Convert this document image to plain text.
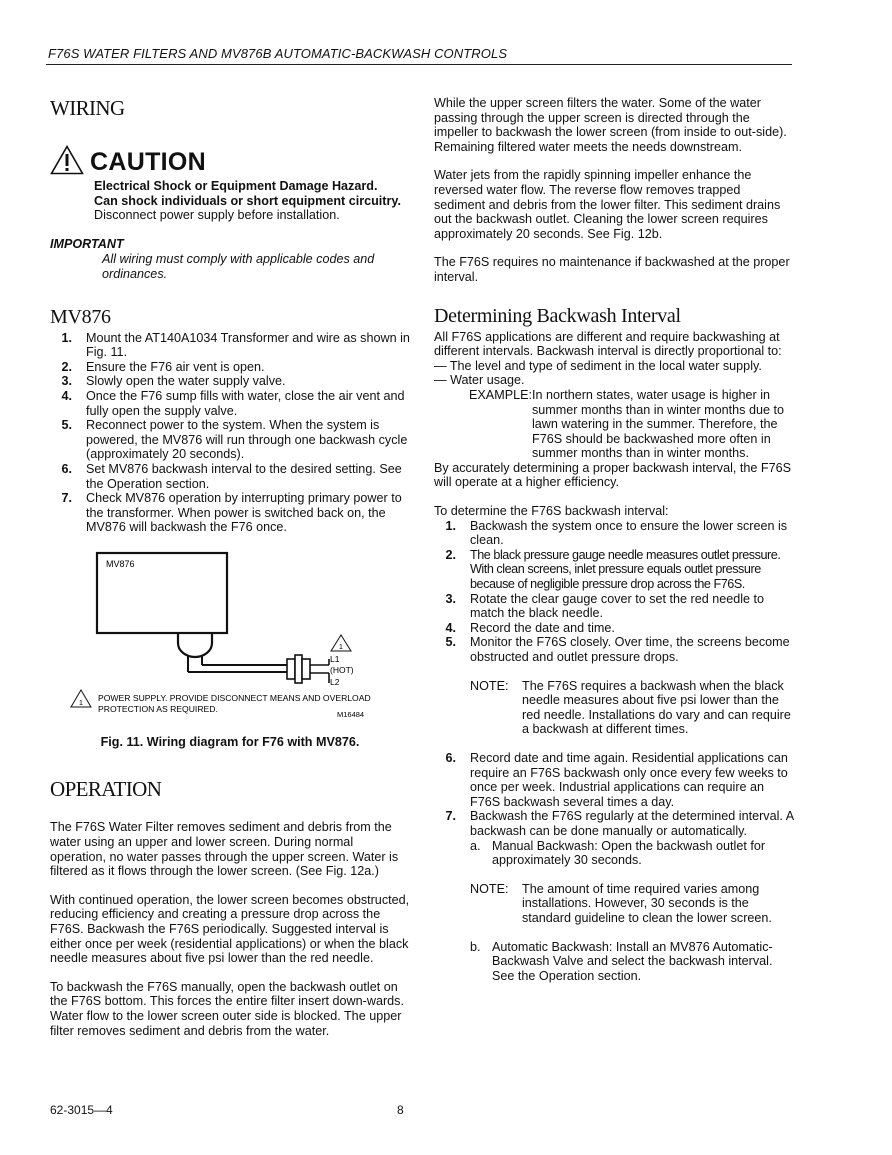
F76S WATER FILTERS AND MV876B AUTOMATIC-BACKWASH CONTROLS
WIRING
CAUTION

Electrical Shock or Equipment Damage Hazard.

Can shock individuals or short equipment circuitry.

Disconnect power supply before installation.

IMPORTANT

All wiring must comply with applicable codes and ordinances.

MV876
1.	Mount the AT140A1034 Transformer and wire as shown in Fig. 11.
2.	Ensure the F76 air vent is open.
3.	Slowly open the water supply valve.
4.	Once the F76 sump fills with water, close the air vent and fully open the supply valve.
5.	Reconnect power to the system. When the system is powered, the MV876 will run through one backwash cycle (approximately 20 seconds).
6.	Set MV876 backwash interval to the desired setting. See the Operation section.
7.	Check MV876 operation by interrupting primary power to the transformer. When power is switched back on, the MV876 will backwash the F76 once.
MV876
1
L1
(HOT)
L2
1
POWER SUPPLY. PROVIDE DISCONNECT MEANS AND OVERLOAD
PROTECTION AS REQUIRED.
M16484

Fig. 11. Wiring diagram for F76 with MV876.

OPERATION

The F76S Water Filter removes sediment and debris from the water using an upper and lower screen. During normal operation, no water passes through the upper screen. Water is filtered as it flows through the lower screen. (See Fig. 12a.)

With continued operation, the lower screen becomes obstructed, reducing efficiency and creating a pressure drop across the F76S. Backwash the F76S periodically. Suggested interval is either once per week (residential applications) or when the black needle measures about five psi lower than the red needle.

To backwash the F76S manually, open the backwash outlet on the F76S bottom. This forces the entire filter insert down-wards. Water flow to the lower screen outer side is blocked. The upper filter removes sediment and debris from the water.

While the upper screen filters the water. Some of the water passing through the upper screen is directed through the impeller to backwash the lower screen (from inside to out-side). Remaining filtered water meets the needs downstream.

Water jets from the rapidly spinning impeller enhance the reversed water flow. The reverse flow removes trapped sediment and debris from the lower filter. This sediment drains out the backwash outlet. Cleaning the lower screen requires approximately 20 seconds. See Fig. 12b.

The F76S requires no maintenance if backwashed at the proper interval.

Determining Backwash Interval

All F76S applications are different and require backwashing at different intervals. Backwash interval is directly proportional to:

— The level and type of sediment in the local water supply.

— Water usage.

EXAMPLE: In northern states, water usage is higher in summer months than in winter months due to lawn watering in the summer. Therefore, the F76S should be backwashed more often in summer months than in winter months.

By accurately determining a proper backwash interval, the F76S will operate at a higher efficiency.

To determine the F76S backwash interval:

1.	Backwash the system once to ensure the lower screen is clean.
2.	The black pressure gauge needle measures outlet pressure. With clean screens, inlet pressure equals outlet pressure because of negligible pressure drop across the F76S.
3.	Rotate the clear gauge cover to set the red needle to match the black needle.
4.	Record the date and time.
5.	Monitor the F76S closely. Over time, the screens become obstructed and outlet pressure drops.
NOTE:	The F76S requires a backwash when the black needle measures about five psi lower than the red needle. Installations do vary and can require a backwash at different times.
6.	Record date and time again. Residential applications can require an F76S backwash only once every few weeks to once per week. Industrial applications can require an F76S backwash several times a day.
7.	Backwash the F76S regularly at the determined interval. A backwash can be done manually or automatically.
a. Manual Backwash: Open the backwash outlet for approximately 30 seconds.
NOTE:	The amount of time required varies among installations. However, 30 seconds is the standard guideline to clean the lower screen.
b. Automatic Backwash: Install an MV876 Automatic-Backwash Valve and select the backwash interval. See the Operation section.
62-3015—4	8
